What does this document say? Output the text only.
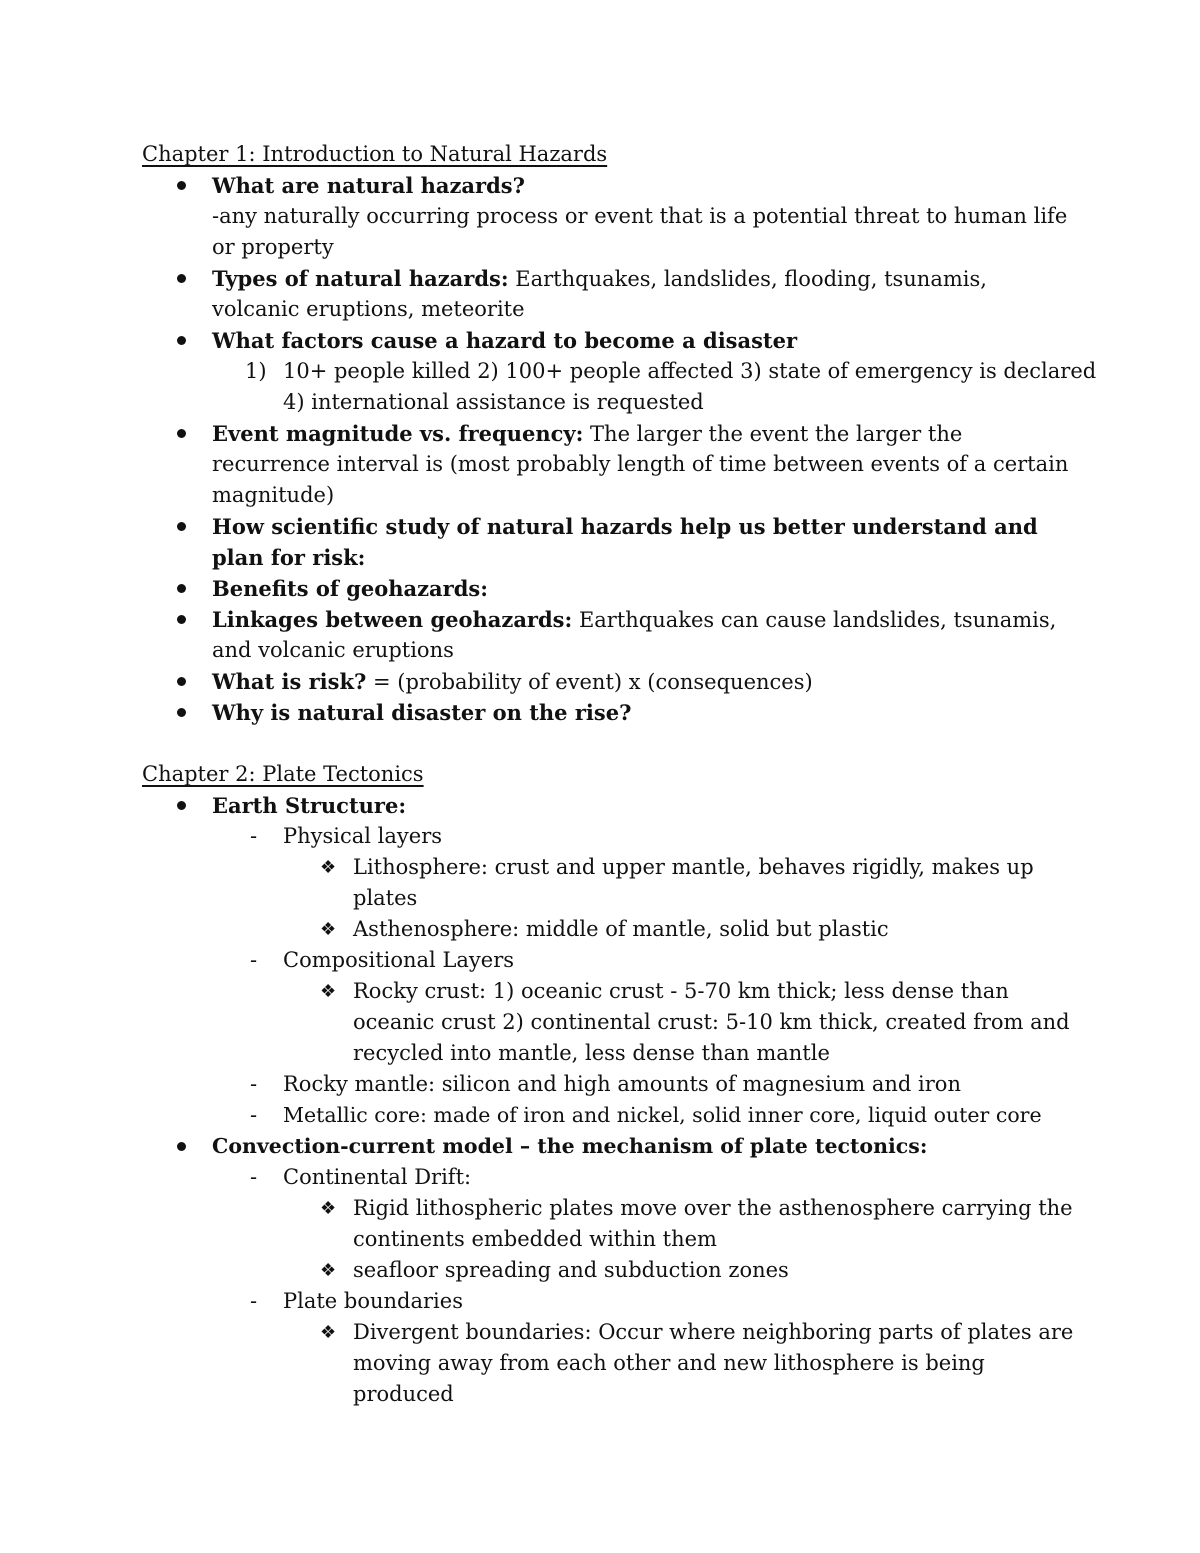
Chapter 1: Introduction to Natural Hazards
What are natural hazards?
-any naturally occurring process or event that is a potential threat to human life
or property
Types of natural hazards: Earthquakes, landslides, flooding, tsunamis,
volcanic eruptions, meteorite
What factors cause a hazard to become a disaster
1) 10+ people killed 2) 100+ people affected 3) state of emergency is declared
4) international assistance is requested
Event magnitude vs. frequency: The larger the event the larger the
recurrence interval is (most probably length of time between events of a certain
magnitude)
How scientific study of natural hazards help us better understand and
plan for risk:
Benefits of geohazards:
Linkages between geohazards: Earthquakes can cause landslides, tsunamis,
and volcanic eruptions
What is risk? = (probability of event) x (consequences)
Why is natural disaster on the rise?
Chapter 2: Plate Tectonics
Earth Structure:
- Physical layers
❖ Lithosphere: crust and upper mantle, behaves rigidly, makes up
plates
❖ Asthenosphere: middle of mantle, solid but plastic
- Compositional Layers
❖ Rocky crust: 1) oceanic crust - 5-70 km thick; less dense than
oceanic crust 2) continental crust: 5-10 km thick, created from and
recycled into mantle, less dense than mantle
- Rocky mantle: silicon and high amounts of magnesium and iron
- Metallic core: made of iron and nickel, solid inner core, liquid outer core
Convection-current model – the mechanism of plate tectonics:
- Continental Drift:
❖ Rigid lithospheric plates move over the asthenosphere carrying the
continents embedded within them
❖ seafloor spreading and subduction zones
- Plate boundaries
❖ Divergent boundaries: Occur where neighboring parts of plates are
moving away from each other and new lithosphere is being
produced
